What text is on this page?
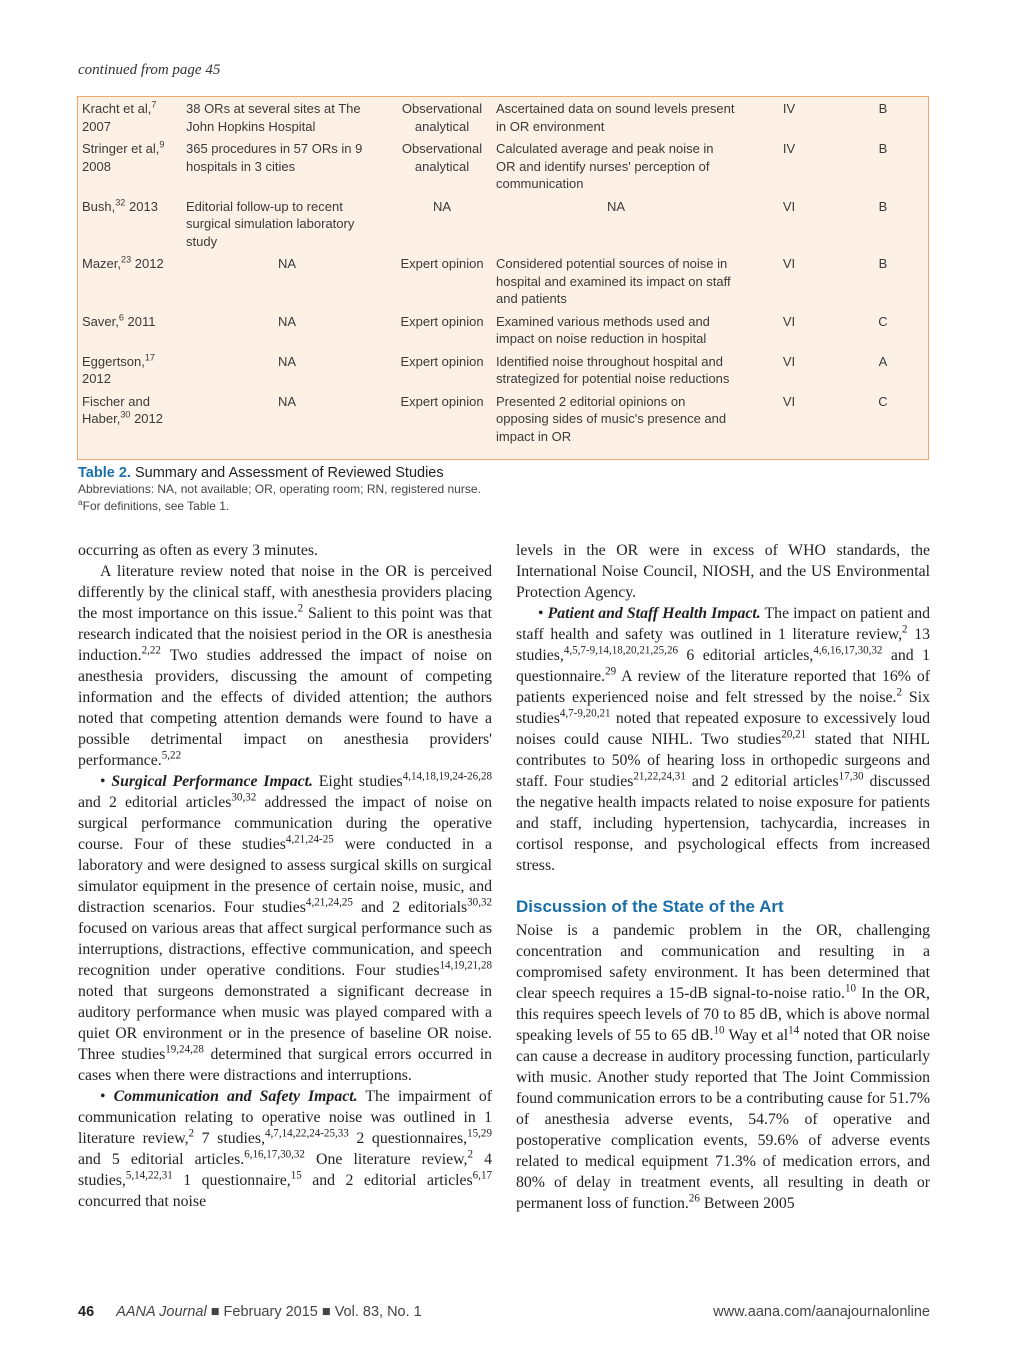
continued from page 45
Kracht et al,$^7$ 2007	38 ORs at several sites at The John Hopkins Hospital	Observational analytical	Ascertained data on sound levels present in OR environment	IV	B
Stringer et al,$^9$ 2008	365 procedures in 57 ORs in 9 hospitals in 3 cities	Observational analytical	Calculated average and peak noise in OR and identify nurses' perception of communication	IV	B
Bush,$^{32}$ 2013	Editorial follow-up to recent surgical simulation laboratory study	NA	NA	VI	B
Mazer,$^{23}$ 2012	NA	Expert opinion	Considered potential sources of noise in hospital and examined its impact on staff and patients	VI	B
Saver,$^6$ 2011	NA	Expert opinion	Examined various methods used and impact on noise reduction in hospital	VI	C
Eggertson,$^{17}$ 2012	NA	Expert opinion	Identified noise throughout hospital and strategized for potential noise reductions	VI	A
Fischer and Haber,$^{30}$ 2012	NA	Expert opinion	Presented 2 editorial opinions on opposing sides of music's presence and impact in OR	VI	C
Table 2. Summary and Assessment of Reviewed Studies
Abbreviations: NA, not available; OR, operating room; RN, registered nurse.
$^a$For definitions, see Table 1.

occurring as often as every 3 minutes.

A literature review noted that noise in the OR is perceived differently by the clinical staff, with anesthesia providers placing the most importance on this issue.$^2$ Salient to this point was that research indicated that the noisiest period in the OR is anesthesia induction.$^{2,22}$ Two studies addressed the impact of noise on anesthesia providers, discussing the amount of competing information and the effects of divided attention; the authors noted that competing attention demands were found to have a possible detrimental impact on anesthesia providers' performance.$^{5,22}$

• Surgical Performance Impact. Eight studies$^{4,14,18,19,24-26,28}$ and 2 editorial articles$^{30,32}$ addressed the impact of noise on surgical performance communication during the operative course. Four of these studies$^{4,21,24-25}$ were conducted in a laboratory and were designed to assess surgical skills on surgical simulator equipment in the presence of certain noise, music, and distraction scenarios. Four studies$^{4,21,24,25}$ and 2 editorials$^{30,32}$ focused on various areas that affect surgical performance such as interruptions, distractions, effective communication, and speech recognition under operative conditions. Four studies$^{14,19,21,28}$ noted that surgeons demonstrated a significant decrease in auditory performance when music was played compared with a quiet OR environment or in the presence of baseline OR noise. Three studies$^{19,24,28}$ determined that surgical errors occurred in cases when there were distractions and interruptions.

• Communication and Safety Impact. The impairment of communication relating to operative noise was outlined in 1 literature review,$^2$ 7 studies,$^{4,7,14,22,24-25,33}$ 2 questionnaires,$^{15,29}$ and 5 editorial articles.$^{6,16,17,30,32}$ One literature review,$^2$ 4 studies,$^{5,14,22,31}$ 1 questionnaire,$^{15}$ and 2 editorial articles$^{6,17}$ concurred that noise

levels in the OR were in excess of WHO standards, the International Noise Council, NIOSH, and the US Environmental Protection Agency.

• Patient and Staff Health Impact. The impact on patient and staff health and safety was outlined in 1 literature review,$^2$ 13 studies,$^{4,5,7-9,14,18,20,21,25,26}$ 6 editorial articles,$^{4,6,16,17,30,32}$ and 1 questionnaire.$^{29}$ A review of the literature reported that 16% of patients experienced noise and felt stressed by the noise.$^2$ Six studies$^{4,7-9,20,21}$ noted that repeated exposure to excessively loud noises could cause NIHL. Two studies$^{20,21}$ stated that NIHL contributes to 50% of hearing loss in orthopedic surgeons and staff. Four studies$^{21,22,24,31}$ and 2 editorial articles$^{17,30}$ discussed the negative health impacts related to noise exposure for patients and staff, including hypertension, tachycardia, increases in cortisol response, and psychological effects from increased stress.

Discussion of the State of the Art

Noise is a pandemic problem in the OR, challenging concentration and communication and resulting in a compromised safety environment. It has been determined that clear speech requires a 15-dB signal-to-noise ratio.$^{10}$ In the OR, this requires speech levels of 70 to 85 dB, which is above normal speaking levels of 55 to 65 dB.$^{10}$ Way et $al^{14}$ noted that OR noise can cause a decrease in auditory processing function, particularly with music. Another study reported that The Joint Commission found communication errors to be a contributing cause for 51.7% of anesthesia adverse events, 54.7% of operative and postoperative complication events, 59.6% of adverse events related to medical equipment 71.3% of medication errors, and 80% of delay in treatment events, all resulting in death or permanent loss of function.$^{26}$ Between 2005

46 AANA Journal ■ February 2015 ■ Vol. 83, No. 1	www.aana.com/aanajournalonline
